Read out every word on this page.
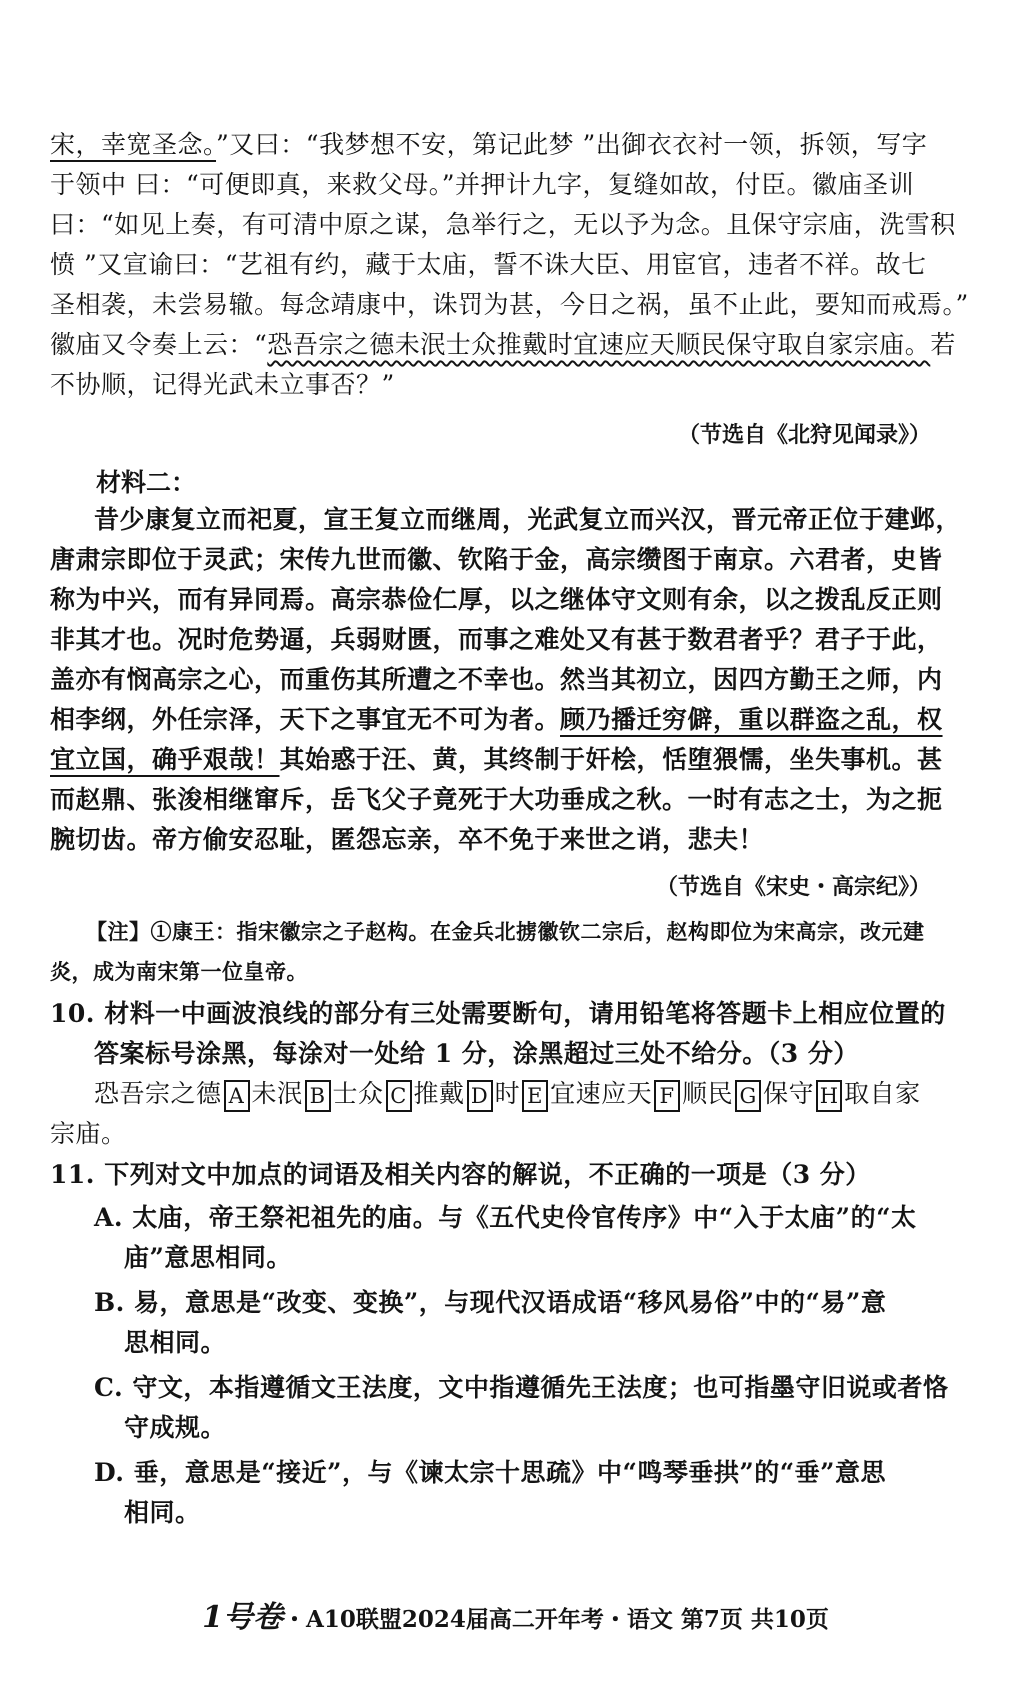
宋，幸宽圣念。”又曰：“我梦想不安，第记此梦 ”出御衣衣衬一领，拆领，写字
于领中 曰：“可便即真，来救父母。”并押计九字，复缝如故，付臣。徽庙圣训
曰：“如见上奏，有可清中原之谋，急举行之，无以予为念。且保守宗庙，洗雪积
愤 ”又宣谕曰：“艺祖有约，藏于太庙，誓不诛大臣、用宦官，违者不祥。故七
圣相袭，未尝易辙。每念靖康中，诛罚为甚，今日之祸，虽不止此，要知而戒焉。”
徽庙又令奏上云：“恐吾宗之德未泯士众推戴时宜速应天顺民保守取自家宗庙。若
不协顺，记得光武未立事否？”
（节选自《北狩见闻录》）
材料二：
昔少康复立而祀夏，宣王复立而继周，光武复立而兴汉，晋元帝正位于建邺，
唐肃宗即位于灵武；宋传九世而徽、钦陷于金，高宗缵图于南京。六君者，史皆
称为中兴，而有异同焉。高宗恭俭仁厚，以之继体守文则有余，以之拨乱反正则
非其才也。况时危势逼，兵弱财匮，而事之难处又有甚于数君者乎？君子于此，
盖亦有悯高宗之心，而重伤其所遭之不幸也。然当其初立，因四方勤王之师，内
相李纲，外任宗泽，天下之事宜无不可为者。顾乃播迁穷僻，重以群盗之乱，权
宜立国，确乎艰哉！其始惑于汪、黄，其终制于奸桧，恬堕猥懦，坐失事机。甚
而赵鼎、张浚相继窜斥，岳飞父子竟死于大功垂成之秋。一时有志之士，为之扼
腕切齿。帝方偷安忍耻，匿怨忘亲，卒不免于来世之诮，悲夫！
（节选自《宋史・高宗纪》）
【注】①康王：指宋徽宗之子赵构。在金兵北掳徽钦二宗后，赵构即位为宋高宗，改元建
炎，成为南宋第一位皇帝。
10. 材料一中画波浪线的部分有三处需要断句，请用铅笔将答题卡上相应位置的
答案标号涂黑，每涂对一处给 1 分，涂黑超过三处不给分。（3 分）
恐吾宗之德 A 未泯 B 士众 C 推戴 D 时 E 宜速应天 F 顺民 G 保守 H 取自家
宗庙。
11. 下列对文中加点的词语及相关内容的解说，不正确的一项是（3 分）
A. 太庙，帝王祭祀祖先的庙。与《五代史伶官传序》中“入于太庙”的“太
庙”意思相同。
B. 易，意思是“改变、变换”，与现代汉语成语“移风易俗”中的“易”意
思相同。
C. 守文，本指遵循文王法度，文中指遵循先王法度；也可指墨守旧说或者恪
守成规。
D. 垂，意思是“接近”，与《谏太宗十思疏》中“鸣琴垂拱”的“垂”意思
相同。
1号卷・A10联盟2024届高二开年考・语文 第7页 共10页
